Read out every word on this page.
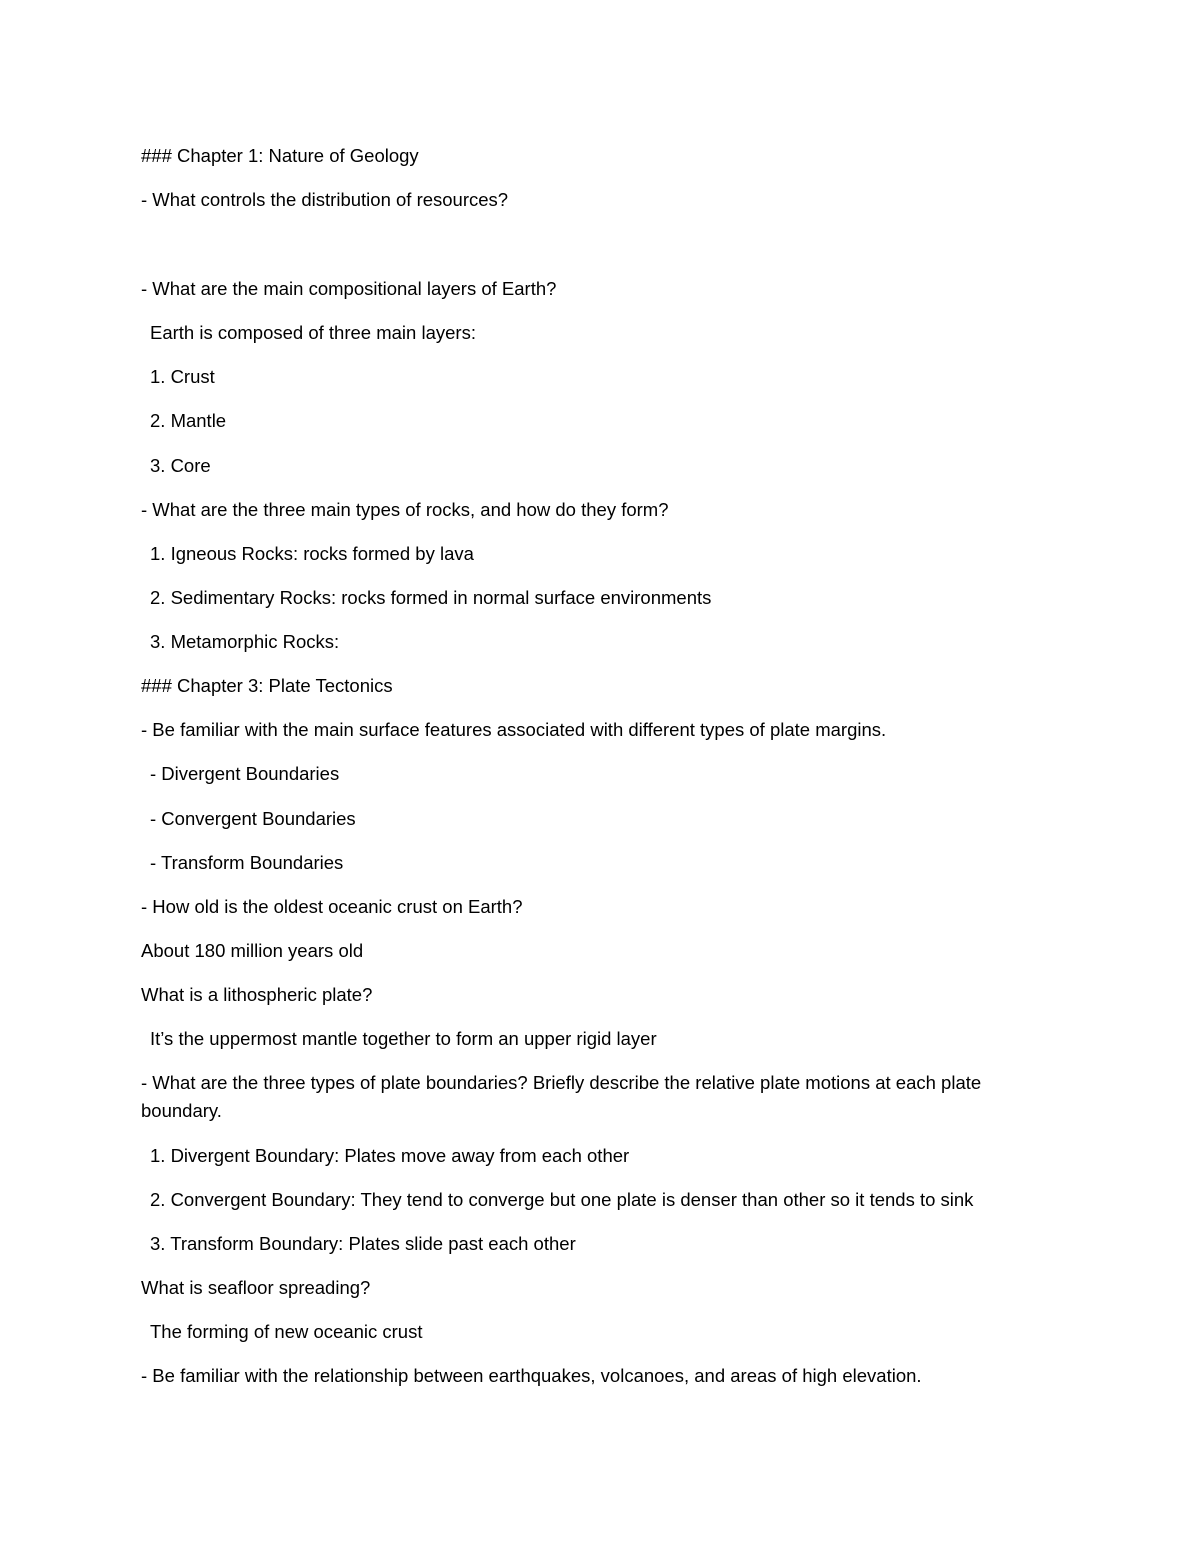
### Chapter 1: Nature of Geology
- What controls the distribution of resources?
- What are the main compositional layers of Earth?
Earth is composed of three main layers:
1. Crust
2. Mantle
3. Core
- What are the three main types of rocks, and how do they form?
1. Igneous Rocks: rocks formed by lava
2. Sedimentary Rocks: rocks formed in normal surface environments
3. Metamorphic Rocks:
### Chapter 3: Plate Tectonics
- Be familiar with the main surface features associated with different types of plate margins.
- Divergent Boundaries
- Convergent Boundaries
- Transform Boundaries
- How old is the oldest oceanic crust on Earth?
About 180 million years old
What is a lithospheric plate?
It’s the uppermost mantle together to form an upper rigid layer
- What are the three types of plate boundaries? Briefly describe the relative plate motions at each plate boundary.
1. Divergent Boundary: Plates move away from each other
2. Convergent Boundary: They tend to converge but one plate is denser than other so it tends to sink
3. Transform Boundary: Plates slide past each other
What is seafloor spreading?
The forming of new oceanic crust
- Be familiar with the relationship between earthquakes, volcanoes, and areas of high elevation.
